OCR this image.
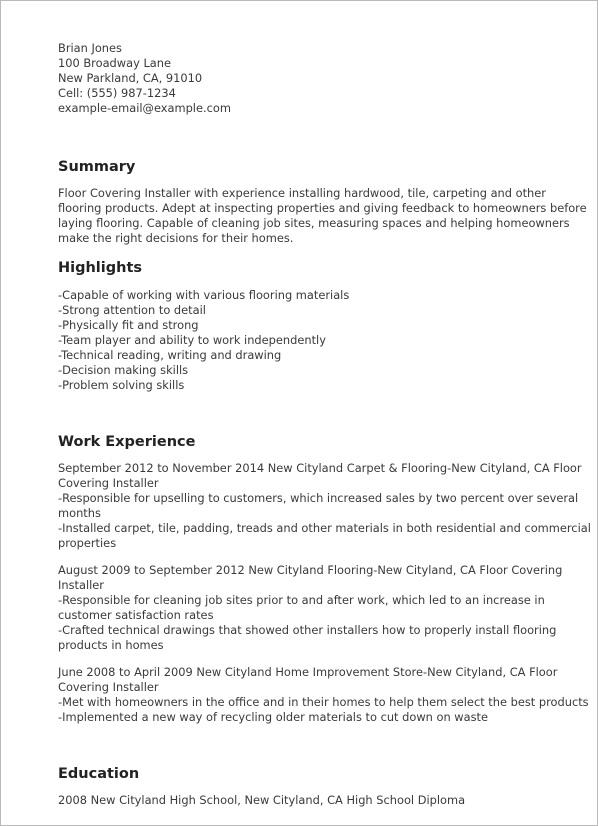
Brian Jones
100 Broadway Lane
New Parkland, CA, 91010
Cell: (555) 987-1234
example-email@example.com
Summary
Floor Covering Installer with experience installing hardwood, tile, carpeting and other flooring products. Adept at inspecting properties and giving feedback to homeowners before laying flooring. Capable of cleaning job sites, measuring spaces and helping homeowners make the right decisions for their homes.
Highlights
-Capable of working with various flooring materials
-Strong attention to detail
-Physically fit and strong
-Team player and ability to work independently
-Technical reading, writing and drawing
-Decision making skills
-Problem solving skills
Work Experience
September 2012 to November 2014 New Cityland Carpet & Flooring-New Cityland, CA Floor Covering Installer
-Responsible for upselling to customers, which increased sales by two percent over several months
-Installed carpet, tile, padding, treads and other materials in both residential and commercial properties
August 2009 to September 2012 New Cityland Flooring-New Cityland, CA Floor Covering Installer
-Responsible for cleaning job sites prior to and after work, which led to an increase in customer satisfaction rates
-Crafted technical drawings that showed other installers how to properly install flooring products in homes
June 2008 to April 2009 New Cityland Home Improvement Store-New Cityland, CA Floor Covering Installer
-Met with homeowners in the office and in their homes to help them select the best products
-Implemented a new way of recycling older materials to cut down on waste
Education
2008 New Cityland High School, New Cityland, CA High School Diploma
